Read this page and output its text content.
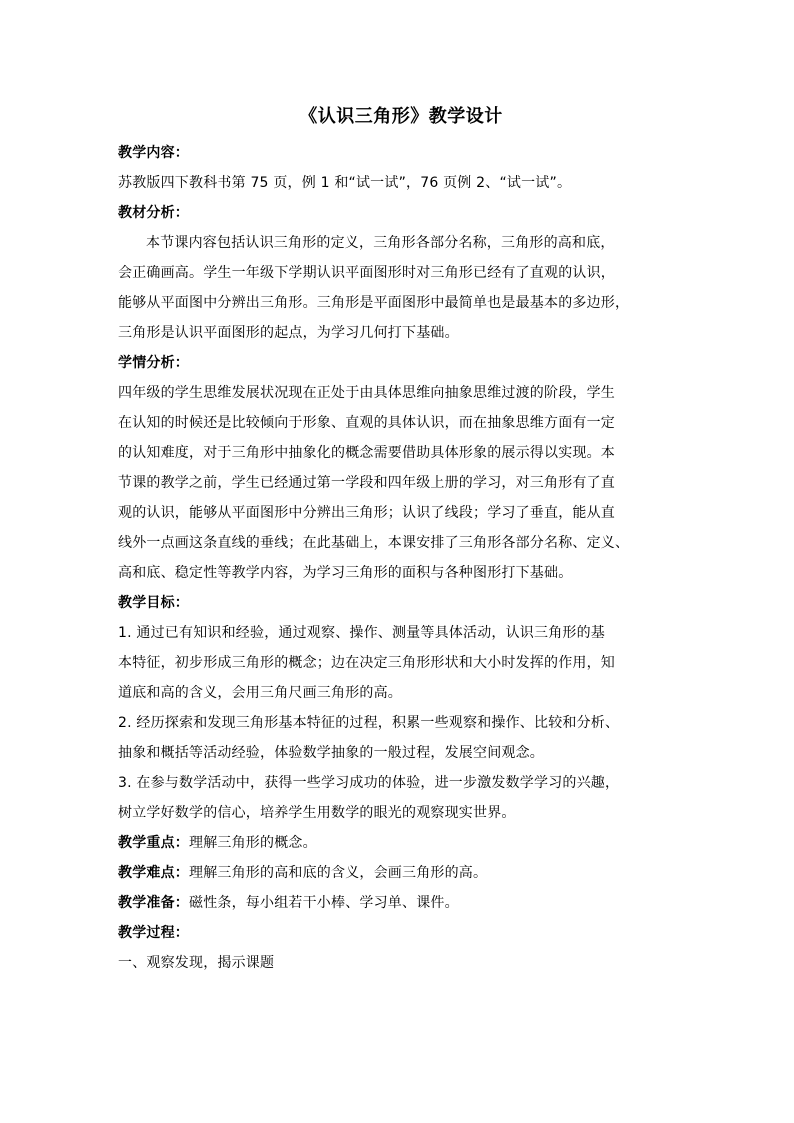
《认识三角形》教学设计
教学内容：
苏教版四下教科书第 75 页，例 1 和“试一试”，76 页例 2、“试一试”。
教材分析：
本节课内容包括认识三角形的定义，三角形各部分名称，三角形的高和底，
会正确画高。学生一年级下学期认识平面图形时对三角形已经有了直观的认识，
能够从平面图中分辨出三角形。三角形是平面图形中最简单也是最基本的多边形，
三角形是认识平面图形的起点，为学习几何打下基础。
学情分析：
四年级的学生思维发展状况现在正处于由具体思维向抽象思维过渡的阶段，学生
在认知的时候还是比较倾向于形象、直观的具体认识，而在抽象思维方面有一定
的认知难度，对于三角形中抽象化的概念需要借助具体形象的展示得以实现。本
节课的教学之前，学生已经通过第一学段和四年级上册的学习，对三角形有了直
观的认识，能够从平面图形中分辨出三角形；认识了线段；学习了垂直，能从直
线外一点画这条直线的垂线；在此基础上，本课安排了三角形各部分名称、定义、
高和底、稳定性等教学内容，为学习三角形的面积与各种图形打下基础。
教学目标：
1. 通过已有知识和经验，通过观察、操作、测量等具体活动，认识三角形的基
本特征，初步形成三角形的概念；边在决定三角形形状和大小时发挥的作用，知
道底和高的含义，会用三角尺画三角形的高。
2. 经历探索和发现三角形基本特征的过程，积累一些观察和操作、比较和分析、
抽象和概括等活动经验，体验数学抽象的一般过程，发展空间观念。
3. 在参与数学活动中，获得一些学习成功的体验，进一步激发数学学习的兴趣，
树立学好数学的信心，培养学生用数学的眼光的观察现实世界。
教学重点：理解三角形的概念。
教学难点：理解三角形的高和底的含义，会画三角形的高。
教学准备：磁性条，每小组若干小棒、学习单、课件。
教学过程：
一、观察发现，揭示课题
